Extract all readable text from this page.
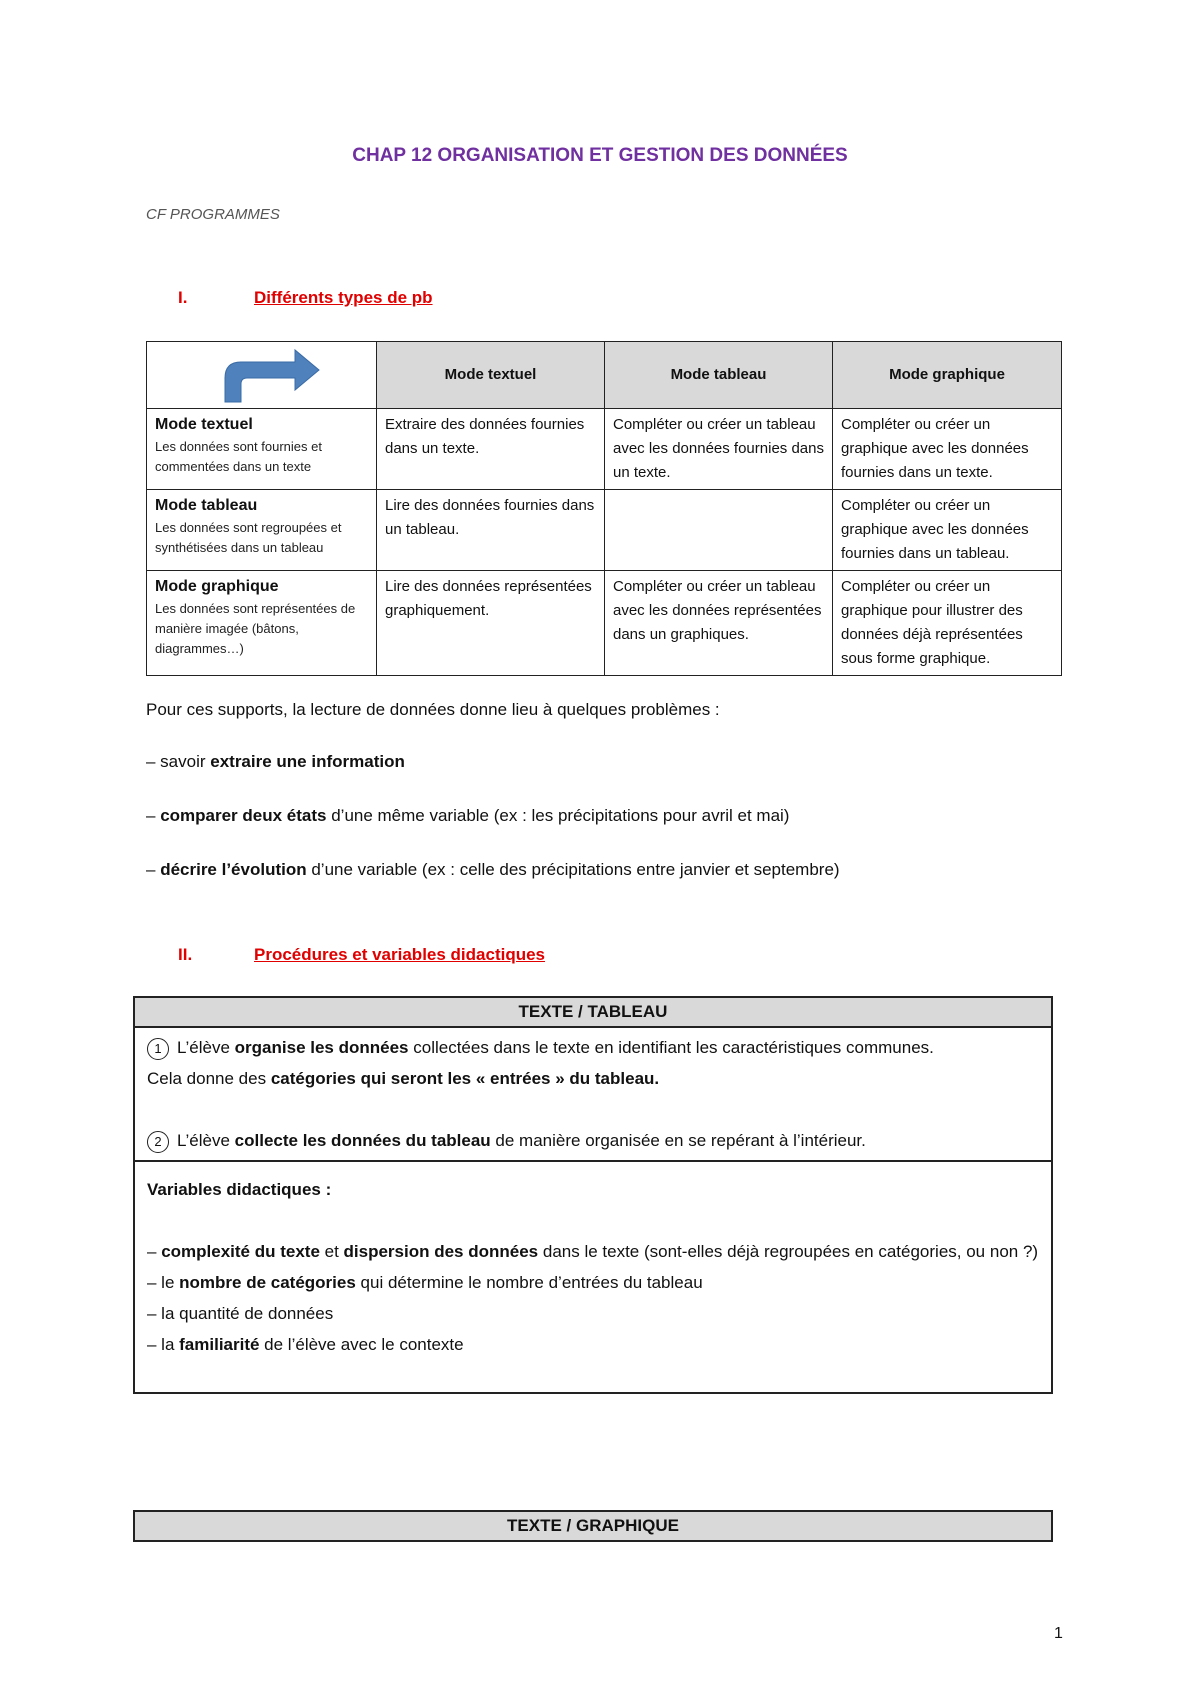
CHAP 12 ORGANISATION ET GESTION DES DONNÉES
CF PROGRAMMES
I.	Différents types de pb
	Mode textuel	Mode tableau	Mode graphique

Mode textuel
Les données sont fournies et commentées dans un texte	Extraire des données fournies dans un texte.	Compléter ou créer un tableau avec les données fournies dans un texte.	Compléter ou créer un graphique avec les données fournies dans un texte.

Mode tableau
Les données sont regroupées et synthétisées dans un tableau	Lire des données fournies dans un tableau.		Compléter ou créer un graphique avec les données fournies dans un tableau.

Mode graphique
Les données sont représentées de manière imagée (bâtons, diagrammes…)	Lire des données représentées graphiquement.	Compléter ou créer un tableau avec les données représentées dans un graphiques.	Compléter ou créer un graphique pour illustrer des données déjà représentées sous forme graphique.
Pour ces supports, la lecture de données donne lieu à quelques problèmes :
– savoir extraire une information
– comparer deux états d’une même variable (ex : les précipitations pour avril et mai)
– décrire l’évolution d’une variable (ex : celle des précipitations entre janvier et septembre)
II.	Procédures et variables didactiques
TEXTE / TABLEAU
1 L’élève organise les données collectées dans le texte en identifiant les caractéristiques communes.
Cela donne des catégories qui seront les « entrées » du tableau.
2 L’élève collecte les données du tableau de manière organisée en se repérant à l’intérieur.
Variables didactiques :
– complexité du texte et dispersion des données dans le texte (sont-elles déjà regroupées en catégories, ou non ?)
– le nombre de catégories qui détermine le nombre d’entrées du tableau
– la quantité de données
– la familiarité de l’élève avec le contexte
TEXTE / GRAPHIQUE
1
